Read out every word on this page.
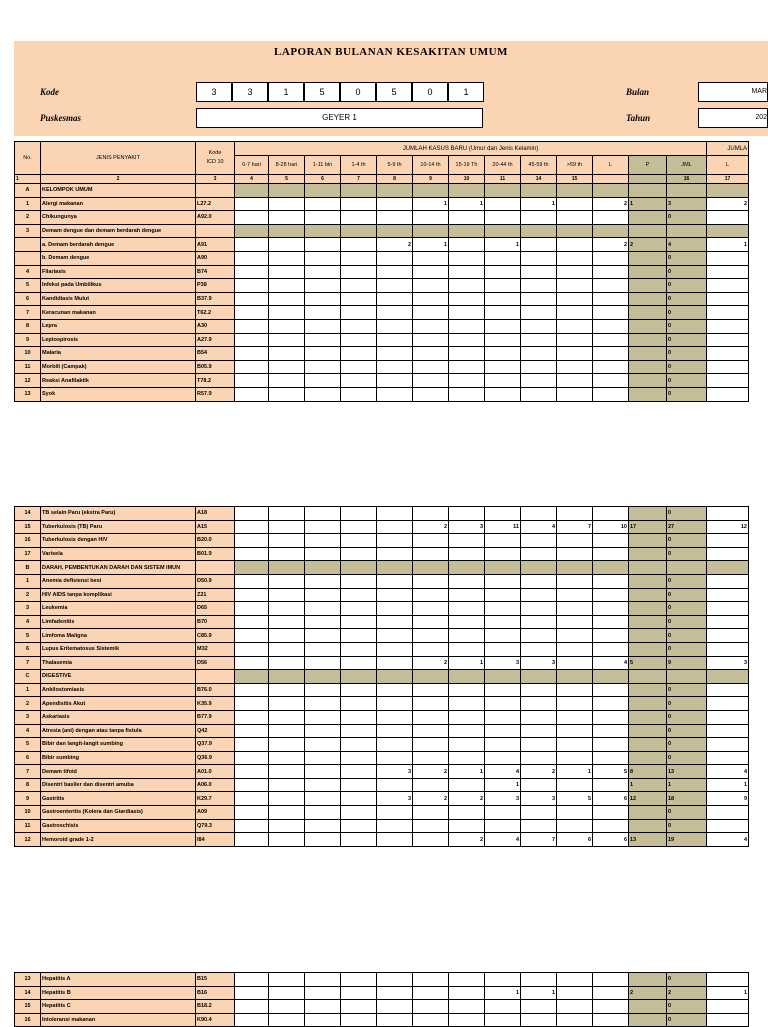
LAPORAN BULANAN KESAKITAN UMUM
Kode	3	3	1	5	0	5	0	1
Puskesmas	GEYER 1
Bulan	MAR
Tahun	202
No.	JENIS PENYAKIT	Kode
ICD 10	JUMLAH KASUS BARU (Umur dan Jenis Kelamin)													JUMLA
			0-7 hari	8-28 hari	1-11 bln	1-4 th	5-9 th	10-14 th	15-19 Th	20-44 th	45-59 th	>59 th	L	P	JML	L
1	2	3	4	5	6	7	8	9	10	11	14	15			16	17
A	KELOMPOK UMUM															
1	Alergi makanan	L27.2						1	1		1		2	1	3	2
2	Chikungunya	A92.0													0	
3	Demam dengue dan demam berdarah dengue															
	a. Demam berdarah dengue	A91					2	1		1			2	2	4	1
	b. Demam dengue	A90													0	
4	Filariasis	B74													0	
5	Infeksi pada Umbilikus	P38													0	
6	Kandidiasis Mulut	B37.9													0	
7	Keracunan makanan	T62.2													0	
8	Lepra	A30													0	
9	Leptospirosis	A27.9													0	
10	Malaria	B54													0	
11	Morbili (Campak)	B05.9													0	
12	Reaksi Anafilaktik	T78.2													0	
13	Syok	R57.9													0	
14	TB selain Paru (ekstra Paru)	A18													0	
15	Tuberkulosis (TB) Paru	A15						2	3	11	4	7	10	17	27	12
16	Tuberkulosis dengan HIV	B20.0													0	
17	Varisela	B01.9													0	
B	DARAH, PEMBENTUKAN DARAH DAN SISTEM IMUN															
1	Anemia defisiensi besi	D50.9													0	
2	HIV AIDS tanpa komplikasi	Z21													0	
3	Leukemia	D65													0	
4	Limfadenitis	B70													0	
5	Limfoma Maligna	C85.9													0	
6	Lupus Eritematosus Sistemik	M32													0	
7	Thalasemia	D56						2	1	3	3		4	5	9	3
C	DIGESTIVE															
1	Ankilostomiasis	B76.0													0	
2	Apendisitis Akut	K35.9													0	
3	Askariasis	B77.9													0	
4	Atresia (ani) dengan atau tanpa fistula	Q42													0	
5	Bibir dan langit-langit sumbing	Q37.9													0	
6	Bibir sumbing	Q36.9													0	
7	Demam tifoid	A01.0					3	2	1	4	2	1	5	8	13	4
8	Disentri basiler dan disentri amuba	A06.0								1				1	1	1
9	Gastritis	K29.7					3	2	2	3	3	5	6	12	18	9
10	Gastroenteritis (Kolera dan Giardiasis)	A09													0	
11	Gastroschisis	Q79.3													0	
12	Hemoroid grade 1-2	I84							2	4	7	6	6	13	19	4
13	Hepatitis A	B15													0	
14	Hepatitis B	B16								1	1			2	2	1
15	Hepatitis C	B18.2													0	
16	Intoleransi makanan	K90.4													0	
